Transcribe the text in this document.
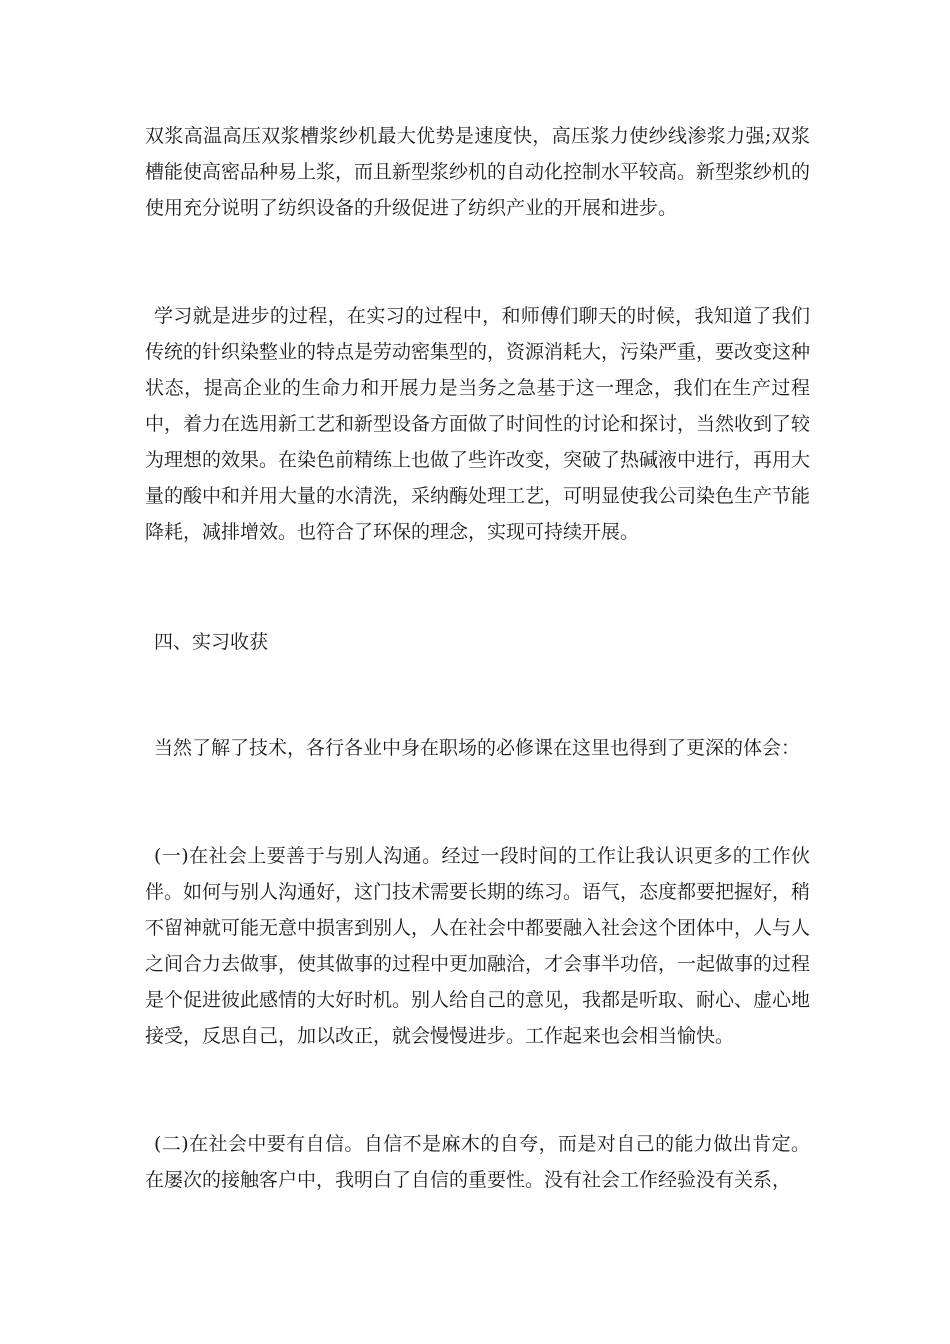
双浆高温高压双浆槽浆纱机最大优势是速度快，高压浆力使纱线渗浆力强;双浆槽能使高密品种易上浆，而且新型浆纱机的自动化控制水平较高。新型浆纱机的使用充分说明了纺织设备的升级促进了纺织产业的开展和进步。

学习就是进步的过程，在实习的过程中，和师傅们聊天的时候，我知道了我们传统的针织染整业的特点是劳动密集型的，资源消耗大，污染严重，要改变这种状态，提高企业的生命力和开展力是当务之急基于这一理念，我们在生产过程中，着力在选用新工艺和新型设备方面做了时间性的讨论和探讨，当然收到了较为理想的效果。在染色前精练上也做了些许改变，突破了热碱液中进行，再用大量的酸中和并用大量的水清洗，采纳酶处理工艺，可明显使我公司染色生产节能降耗，减排增效。也符合了环保的理念，实现可持续开展。

四、实习收获

当然了解了技术，各行各业中身在职场的必修课在这里也得到了更深的体会：

(一)在社会上要善于与别人沟通。经过一段时间的工作让我认识更多的工作伙伴。如何与别人沟通好，这门技术需要长期的练习。语气，态度都要把握好，稍不留神就可能无意中损害到别人，人在社会中都要融入社会这个团体中，人与人之间合力去做事，使其做事的过程中更加融洽，才会事半功倍，一起做事的过程是个促进彼此感情的大好时机。别人给自己的意见，我都是听取、耐心、虚心地接受，反思自己，加以改正，就会慢慢进步。工作起来也会相当愉快。

(二)在社会中要有自信。自信不是麻木的自夸，而是对自己的能力做出肯定。在屡次的接触客户中，我明白了自信的重要性。没有社会工作经验没有关系，
